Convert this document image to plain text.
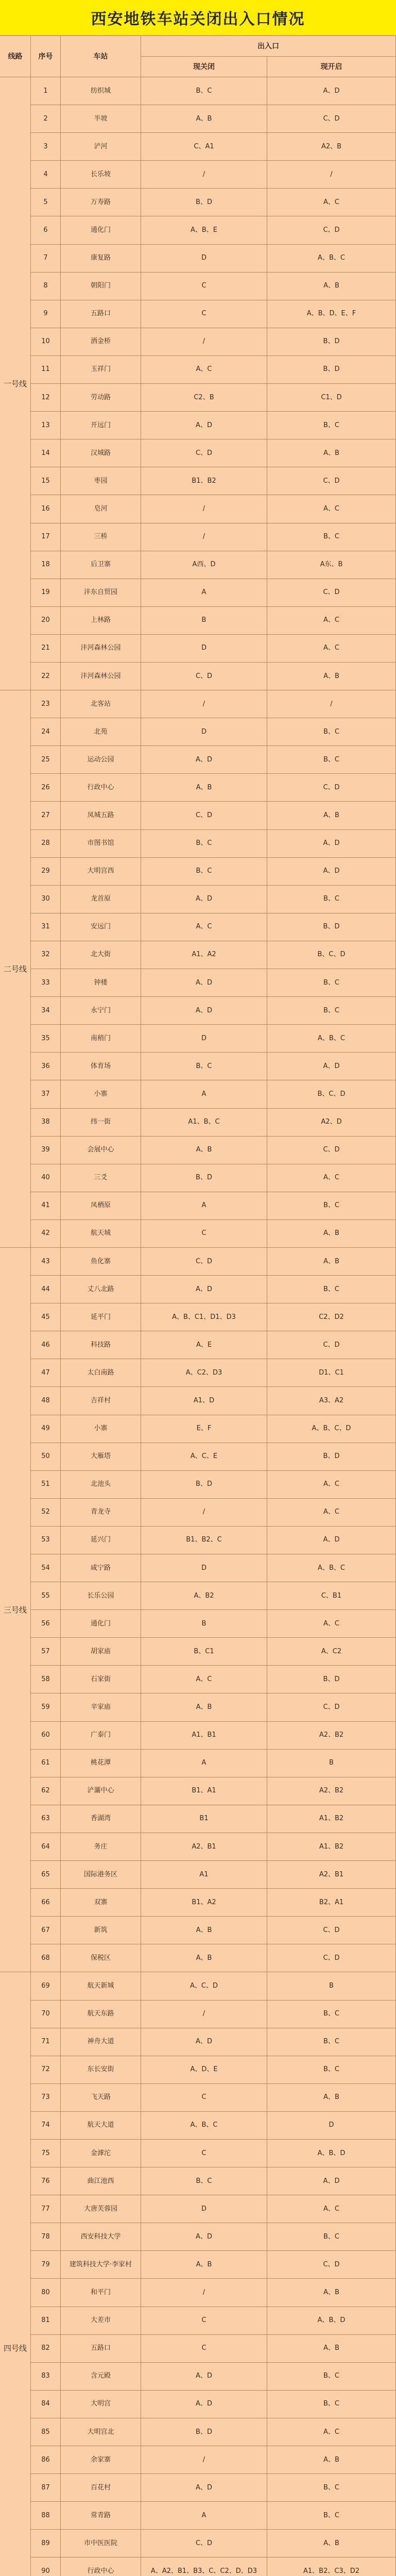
西安地铁车站关闭出入口情况
线路	序号	车站
出入口
现关闭	现开启
一号线
1	纺织城	B、C	A、D
2	半坡	A、B	C、D
3	浐河	C、A1	A2、B
4	长乐坡	/	/
5	万寿路	B、D	A、C
6	通化门	A、B、E	C、D
7	康复路	D	A、B、C
8	朝阳门	C	A、B
9	五路口	C	A、B、D、E、F
10	洒金桥	/	B、D
11	玉祥门	A、C	B、D
12	劳动路	C2、B	C1、D
13	开远门	A、D	B、C
14	汉城路	C、D	A、B
15	枣园	B1、B2	C、D
16	皂河	/	A、C
17	三桥	/	B、C
18	后卫寨	A西、D	A东、B
19	沣东自贸园	A	C、D
20	上林路	B	A、C
21	沣河森林公园	D	A、C
22	沣河森林公园	C、D	A、B
二号线
23	北客站	/	/
24	北苑	D	B、C
25	运动公园	A、D	B、C
26	行政中心	A、B	C、D
27	凤城五路	C、D	A、B
28	市图书馆	B、C	A、D
29	大明宫西	B、C	A、D
30	龙首原	A、D	B、C
31	安远门	A、C	B、D
32	北大街	A1、A2	B、C、D
33	钟楼	A、D	B、C
34	永宁门	A、D	B、C
35	南稍门	D	A、B、C
36	体育场	B、C	A、D
37	小寨	A	B、C、D
38	纬一街	A1、B、C	A2、D
39	会展中心	A、B	C、D
40	三爻	B、D	A、C
41	凤栖原	A	B、C
42	航天城	C	A、B
三号线
43	鱼化寨	C、D	A、B
44	丈八北路	A、D	B、C
45	延平门	A、B、C1、D1、D3	C2、D2
46	科技路	A、E	C、D
47	太白南路	A、C2、D3	D1、C1
48	吉祥村	A1、D	A3、A2
49	小寨	E、F	A、B、C、D
50	大雁塔	A、C、E	B、D
51	北池头	B、D	A、C
52	青龙寺	/	A、C
53	延兴门	B1、B2、C	A、D
54	咸宁路	D	A、B、C
55	长乐公园	A、B2	C、B1
56	通化门	B	A、C
57	胡家庙	B、C1	A、C2
58	石家街	A、C	B、D
59	辛家庙	A、B	C、D
60	广泰门	A1、B1	A2、B2
61	桃花潭	A	B
62	浐灞中心	B1、A1	A2、B2
63	香湖湾	B1	A1、B2
64	务庄	A2、B1	A1、B2
65	国际港务区	A1	A2、B1
66	双寨	B1、A2	B2、A1
67	新筑	A、B	C、D
68	保税区	A、B	C、D
四号线
69	航天新城	A、C、D	B
70	航天东路	/	B、C
71	神舟大道	A、D	B、C
72	东长安街	A、D、E	B、C
73	飞天路	C	A、B
74	航天大道	A、B、C	D
75	金滹沱	C	A、B、D
76	曲江池西	B、C	A、D
77	大唐芙蓉园	D	A、C
78	西安科技大学	A、D	B、C
79	建筑科技大学·李家村	A、B	C、D
80	和平门	/	A、B
81	大差市	C	A、B、D
82	五路口	C	A、B
83	含元殿	A、D	B、C
84	大明宫	A、D	B、C
85	大明宫北	B、D	A、C
86	余家寨	/	A、B
87	百花村	A、D	B、C
88	常青路	A	B、C
89	市中医医院	C、D	A、B
90	行政中心	A、A2、B1、B3、C、C2、D、D3	A1、B2、C3、D2
